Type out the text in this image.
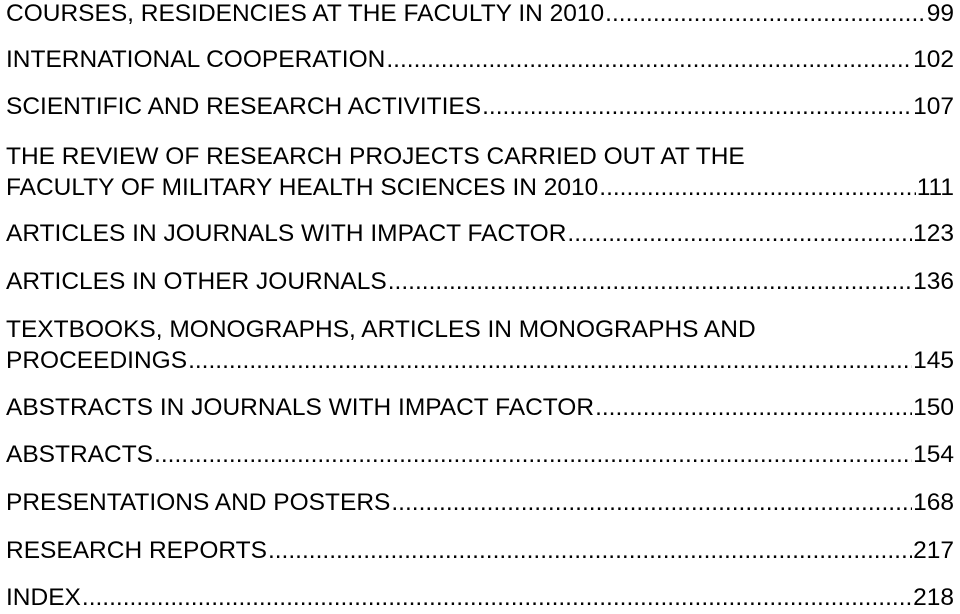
COURSES, RESIDENCIES AT THE FACULTY IN 2010 .....	99
INTERNATIONAL COOPERATION .....	102
SCIENTIFIC AND RESEARCH ACTIVITIES .....	107
THE REVIEW OF RESEARCH PROJECTS CARRIED OUT AT THE
FACULTY OF MILITARY HEALTH SCIENCES IN 2010 .....	111
ARTICLES IN JOURNALS WITH IMPACT FACTOR .....	123
ARTICLES IN OTHER JOURNALS .....	136
TEXTBOOKS, MONOGRAPHS, ARTICLES IN MONOGRAPHS AND
PROCEEDINGS .....	145
ABSTRACTS IN JOURNALS WITH IMPACT FACTOR .....	150
ABSTRACTS .....	154
PRESENTATIONS AND POSTERS .....	168
RESEARCH REPORTS .....	217
INDEX .....	218
